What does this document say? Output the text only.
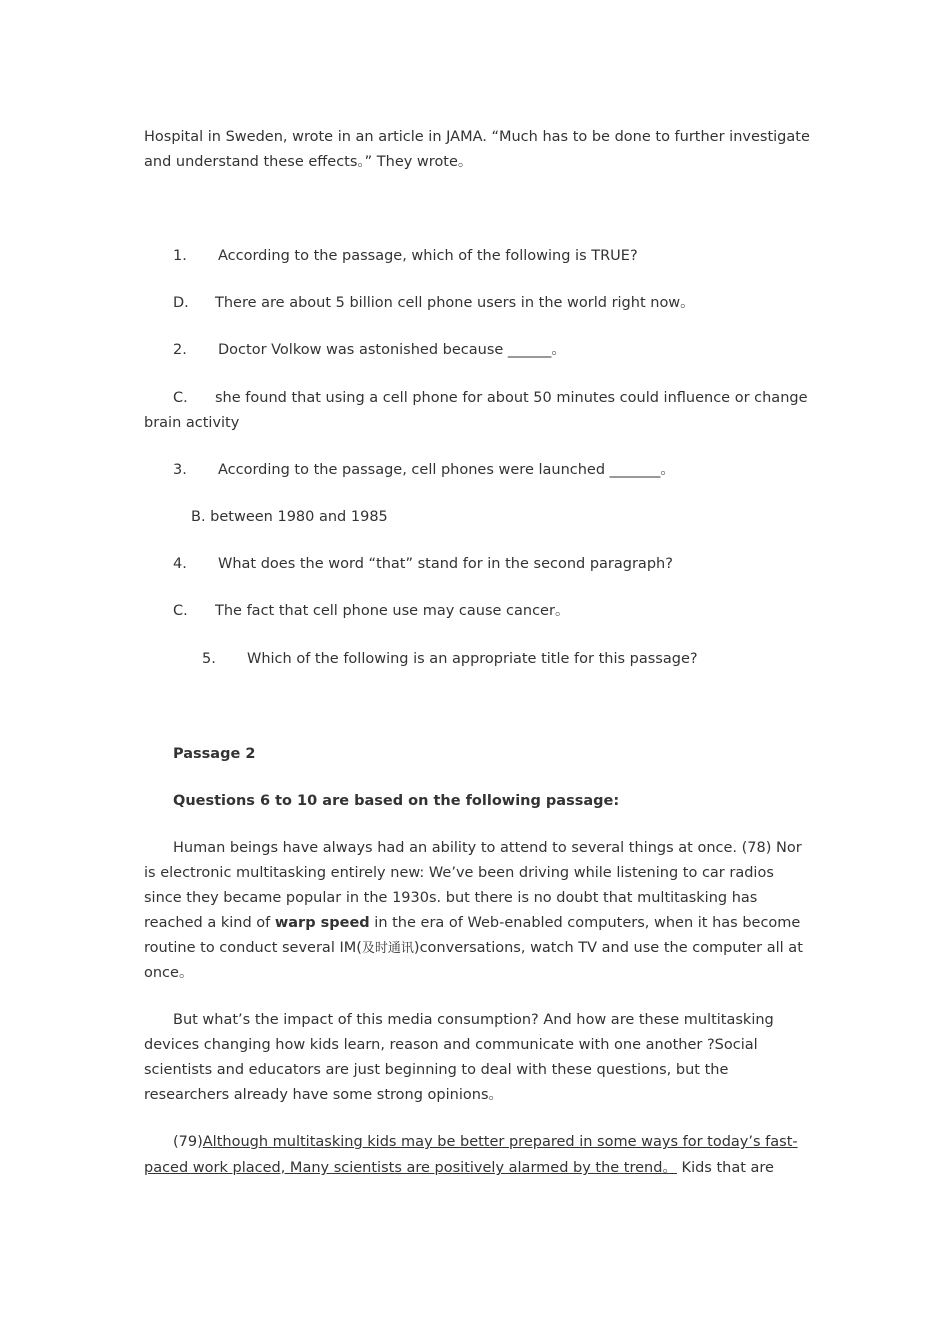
Hospital in Sweden, wrote in an article in JAMA. “Much has to be done to further investigate
and understand these effects。” They wrote。
1. According to the passage, which of the following is TRUE?
D. There are about 5 billion cell phone users in the world right now。
2. Doctor Volkow was astonished because ______。
C. she found that using a cell phone for about 50 minutes could influence or change
brain activity
3. According to the passage, cell phones were launched _______。
B. between 1980 and 1985
4. What does the word “that” stand for in the second paragraph?
C. The fact that cell phone use may cause cancer。
5. Which of the following is an appropriate title for this passage?
Passage 2
Questions 6 to 10 are based on the following passage:
Human beings have always had an ability to attend to several things at once. (78) Nor
is electronic multitasking entirely new: We’ve been driving while listening to car radios
since they became popular in the 1930s. but there is no doubt that multitasking has
reached a kind of warp speed in the era of Web-enabled computers, when it has become
routine to conduct several IM(及时通讯)conversations, watch TV and use the computer all at
once。
But what’s the impact of this media consumption? And how are these multitasking
devices changing how kids learn, reason and communicate with one another ?Social
scientists and educators are just beginning to deal with these questions, but the
researchers already have some strong opinions。
(79)Although multitasking kids may be better prepared in some ways for today’s fast-
paced work placed, Many scientists are positively alarmed by the trend。 Kids that are
